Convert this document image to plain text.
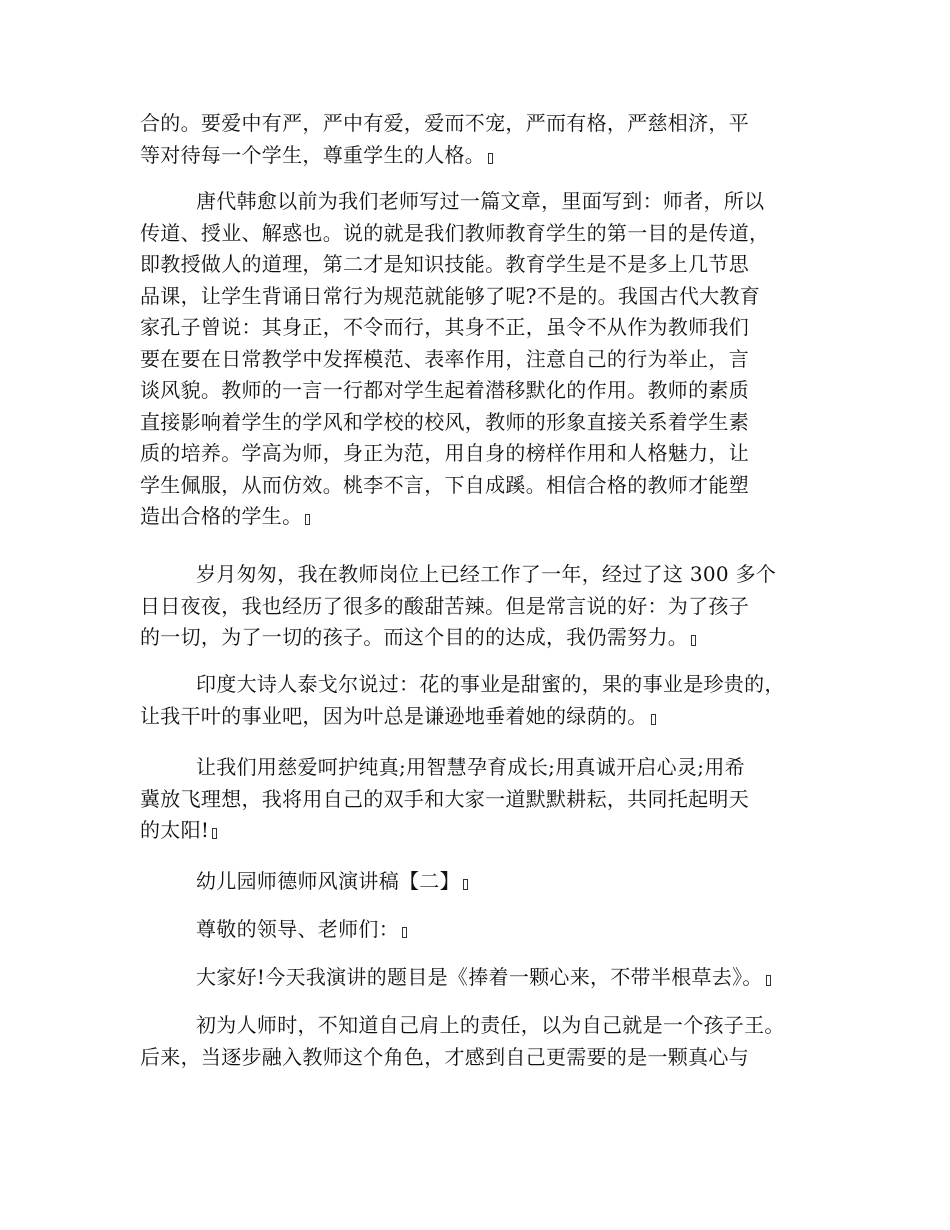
合的。要爱中有严，严中有爱，爱而不宠，严而有格，严慈相济，平
等对待每一个学生，尊重学生的人格。
唐代韩愈以前为我们老师写过一篇文章，里面写到：师者，所以
传道、授业、解惑也。说的就是我们教师教育学生的第一目的是传道，
即教授做人的道理，第二才是知识技能。教育学生是不是多上几节思
品课，让学生背诵日常行为规范就能够了呢?不是的。我国古代大教育
家孔子曾说：其身正，不令而行，其身不正，虽令不从作为教师我们
要在要在日常教学中发挥模范、表率作用，注意自己的行为举止，言
谈风貌。教师的一言一行都对学生起着潜移默化的作用。教师的素质
直接影响着学生的学风和学校的校风，教师的形象直接关系着学生素
质的培养。学高为师，身正为范，用自身的榜样作用和人格魅力，让
学生佩服，从而仿效。桃李不言，下自成蹊。相信合格的教师才能塑
造出合格的学生。
岁月匆匆，我在教师岗位上已经工作了一年，经过了这 300 多个
日日夜夜，我也经历了很多的酸甜苦辣。但是常言说的好：为了孩子
的一切，为了一切的孩子。而这个目的的达成，我仍需努力。
印度大诗人泰戈尔说过：花的事业是甜蜜的，果的事业是珍贵的，
让我干叶的事业吧，因为叶总是谦逊地垂着她的绿荫的。
让我们用慈爱呵护纯真;用智慧孕育成长;用真诚开启心灵;用希
冀放飞理想，我将用自己的双手和大家一道默默耕耘，共同托起明天
的太阳!
幼儿园师德师风演讲稿【二】
尊敬的领导、老师们：
大家好!今天我演讲的题目是《捧着一颗心来，不带半根草去》。
初为人师时，不知道自己肩上的责任，以为自己就是一个孩子王。
后来，当逐步融入教师这个角色，才感到自己更需要的是一颗真心与
